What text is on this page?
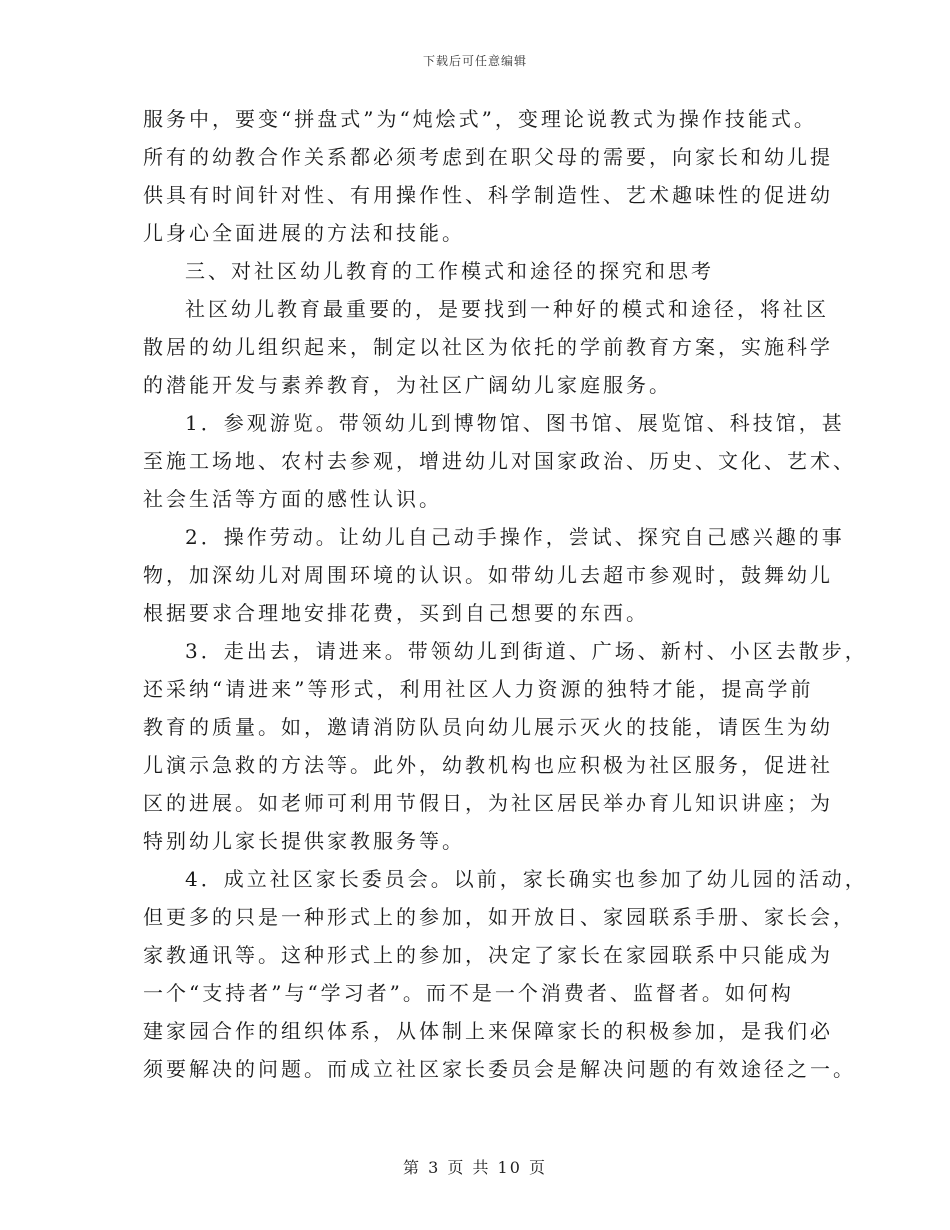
下载后可任意编辑
服务中，要变“拼盘式”为“炖烩式”，变理论说教式为操作技能式。
所有的幼教合作关系都必须考虑到在职父母的需要，向家长和幼儿提
供具有时间针对性、有用操作性、科学制造性、艺术趣味性的促进幼
儿身心全面进展的方法和技能。
三、对社区幼儿教育的工作模式和途径的探究和思考
社区幼儿教育最重要的，是要找到一种好的模式和途径，将社区
散居的幼儿组织起来，制定以社区为依托的学前教育方案，实施科学
的潜能开发与素养教育，为社区广阔幼儿家庭服务。
1．参观游览。带领幼儿到博物馆、图书馆、展览馆、科技馆，甚
至施工场地、农村去参观，增进幼儿对国家政治、历史、文化、艺术、
社会生活等方面的感性认识。
2．操作劳动。让幼儿自己动手操作，尝试、探究自己感兴趣的事
物，加深幼儿对周围环境的认识。如带幼儿去超市参观时，鼓舞幼儿
根据要求合理地安排花费，买到自己想要的东西。
3．走出去，请进来。带领幼儿到街道、广场、新村、小区去散步，
还采纳“请进来”等形式，利用社区人力资源的独特才能，提高学前
教育的质量。如，邀请消防队员向幼儿展示灭火的技能，请医生为幼
儿演示急救的方法等。此外，幼教机构也应积极为社区服务，促进社
区的进展。如老师可利用节假日，为社区居民举办育儿知识讲座；为
特别幼儿家长提供家教服务等。
4．成立社区家长委员会。以前，家长确实也参加了幼儿园的活动，
但更多的只是一种形式上的参加，如开放日、家园联系手册、家长会，
家教通讯等。这种形式上的参加，决定了家长在家园联系中只能成为
一个“支持者”与“学习者”。而不是一个消费者、监督者。如何构
建家园合作的组织体系，从体制上来保障家长的积极参加，是我们必
须要解决的问题。而成立社区家长委员会是解决问题的有效途径之一。
第 3 页 共 10 页
